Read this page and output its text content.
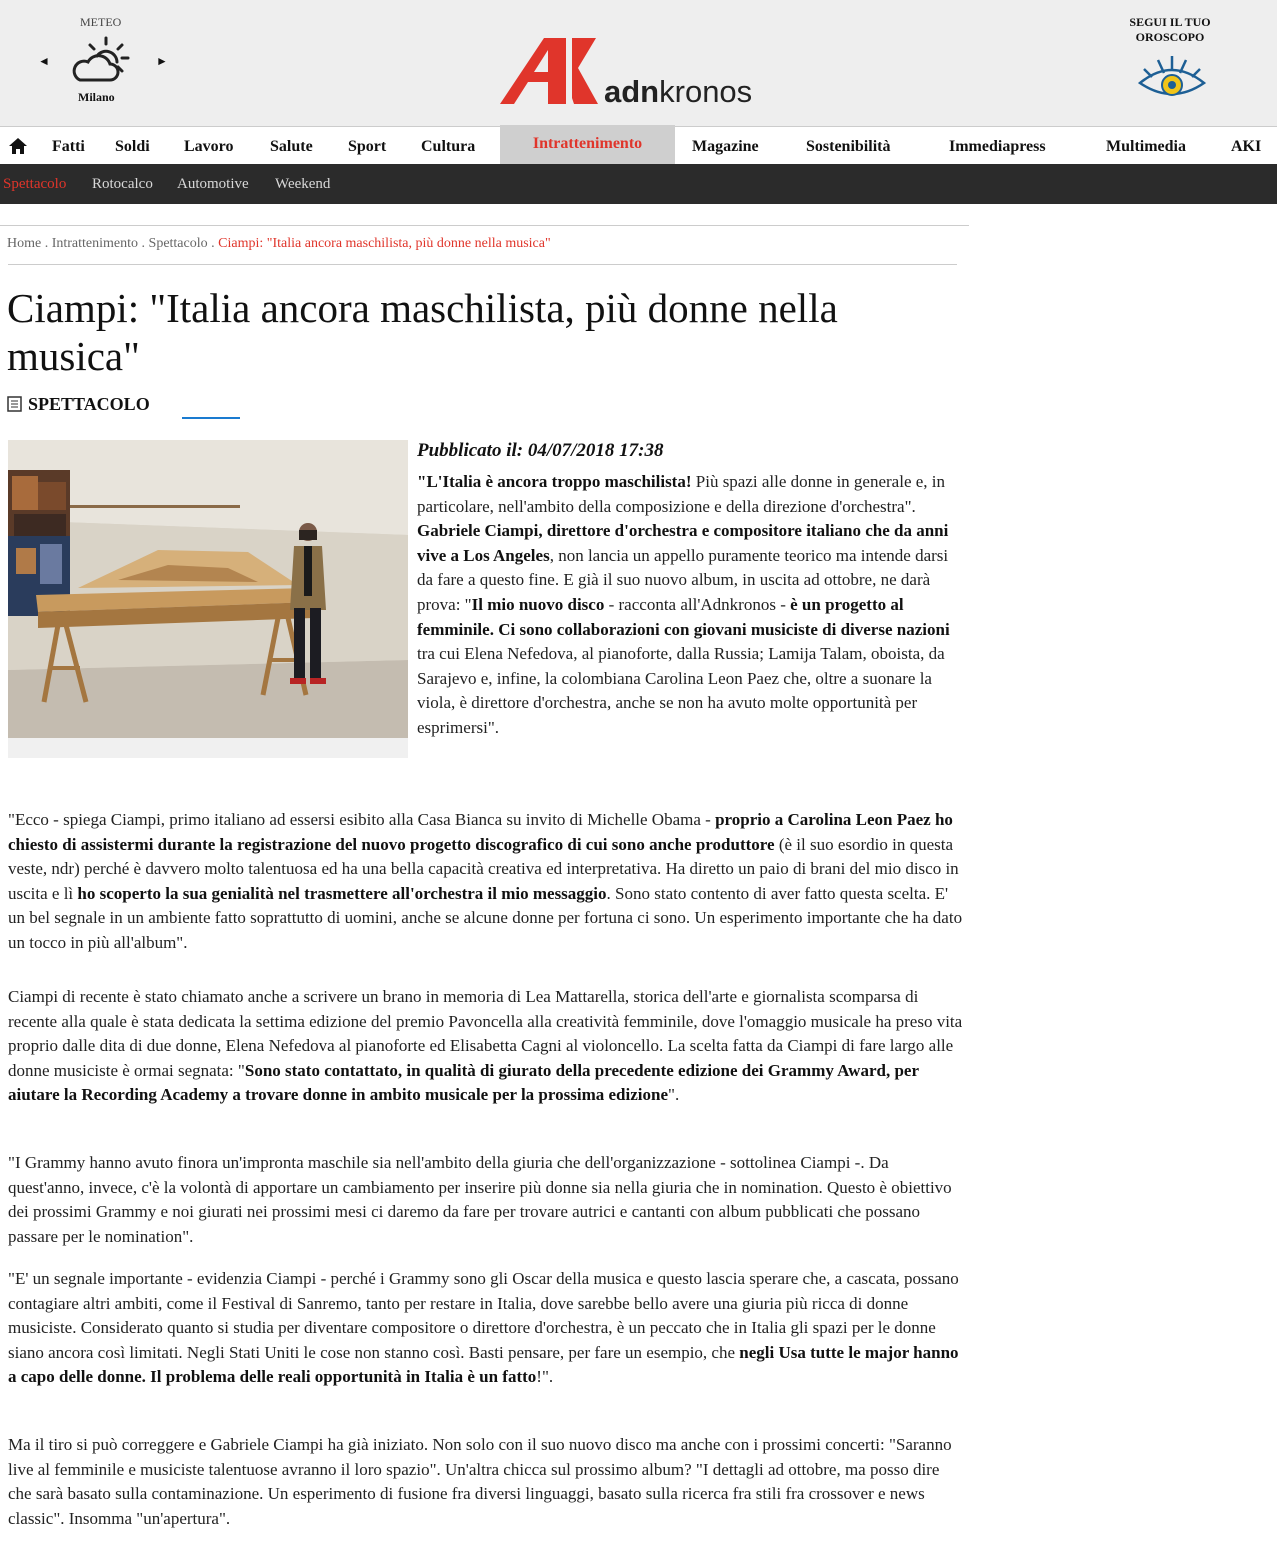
METEO
◄	►
Milano	adnkronos
SEGUI IL TUO
OROSCOPO
Fatti Soldi Lavoro Salute Sport Cultura	Intrattenimento	Magazine	Sostenibilità	Immediapress	Multimedia	AKI
Spettacolo Rotocalco Automotive Weekend
Home . Intrattenimento . Spettacolo . Ciampi: "Italia ancora maschilista, più donne nella musica"
Ciampi: "Italia ancora maschilista, più donne nella musica"
SPETTACOLO
Pubblicato il: 04/07/2018 17:38

"L'Italia è ancora troppo maschilista! Più spazi alle donne in generale e, in particolare, nell'ambito della composizione e della direzione d'orchestra". Gabriele Ciampi, direttore d'orchestra e compositore italiano che da anni vive a Los Angeles, non lancia un appello puramente teorico ma intende darsi da fare a questo fine. E già il suo nuovo album, in uscita ad ottobre, ne darà prova: "Il mio nuovo disco - racconta all'Adnkronos - è un progetto al femminile. Ci sono collaborazioni con giovani musiciste di diverse nazioni tra cui Elena Nefedova, al pianoforte, dalla Russia; Lamija Talam, oboista, da Sarajevo e, infine, la colombiana Carolina Leon Paez che, oltre a suonare la viola, è direttore d'orchestra, anche se non ha avuto molte opportunità per esprimersi".

"Ecco - spiega Ciampi, primo italiano ad essersi esibito alla Casa Bianca su invito di Michelle Obama - proprio a Carolina Leon Paez ho chiesto di assistermi durante la registrazione del nuovo progetto discografico di cui sono anche produttore (è il suo esordio in questa veste, ndr) perché è davvero molto talentuosa ed ha una bella capacità creativa ed interpretativa. Ha diretto un paio di brani del mio disco in uscita e lì ho scoperto la sua genialità nel trasmettere all'orchestra il mio messaggio. Sono stato contento di aver fatto questa scelta. E' un bel segnale in un ambiente fatto soprattutto di uomini, anche se alcune donne per fortuna ci sono. Un esperimento importante che ha dato un tocco in più all'album".

Ciampi di recente è stato chiamato anche a scrivere un brano in memoria di Lea Mattarella, storica dell'arte e giornalista scomparsa di recente alla quale è stata dedicata la settima edizione del premio Pavoncella alla creatività femminile, dove l'omaggio musicale ha preso vita proprio dalle dita di due donne, Elena Nefedova al pianoforte ed Elisabetta Cagni al violoncello. La scelta fatta da Ciampi di fare largo alle donne musiciste è ormai segnata: "Sono stato contattato, in qualità di giurato della precedente edizione dei Grammy Award, per aiutare la Recording Academy a trovare donne in ambito musicale per la prossima edizione".

"I Grammy hanno avuto finora un'impronta maschile sia nell'ambito della giuria che dell'organizzazione - sottolinea Ciampi -. Da quest'anno, invece, c'è la volontà di apportare un cambiamento per inserire più donne sia nella giuria che in nomination. Questo è obiettivo dei prossimi Grammy e noi giurati nei prossimi mesi ci daremo da fare per trovare autrici e cantanti con album pubblicati che possano passare per le nomination".

"E' un segnale importante - evidenzia Ciampi - perché i Grammy sono gli Oscar della musica e questo lascia sperare che, a cascata, possano contagiare altri ambiti, come il Festival di Sanremo, tanto per restare in Italia, dove sarebbe bello avere una giuria più ricca di donne musiciste. Considerato quanto si studia per diventare compositore o direttore d'orchestra, è un peccato che in Italia gli spazi per le donne siano ancora così limitati. Negli Stati Uniti le cose non stanno così. Basti pensare, per fare un esempio, che negli Usa tutte le major hanno a capo delle donne. Il problema delle reali opportunità in Italia è un fatto!".

Ma il tiro si può correggere e Gabriele Ciampi ha già iniziato. Non solo con il suo nuovo disco ma anche con i prossimi concerti: "Saranno live al femminile e musiciste talentuose avranno il loro spazio". Un'altra chicca sul prossimo album? "I dettagli ad ottobre, ma posso dire che sarà basato sulla contaminazione. Un esperimento di fusione fra diversi linguaggi, basato sulla ricerca fra stili fra crossover e news classic". Insomma "un'apertura".
